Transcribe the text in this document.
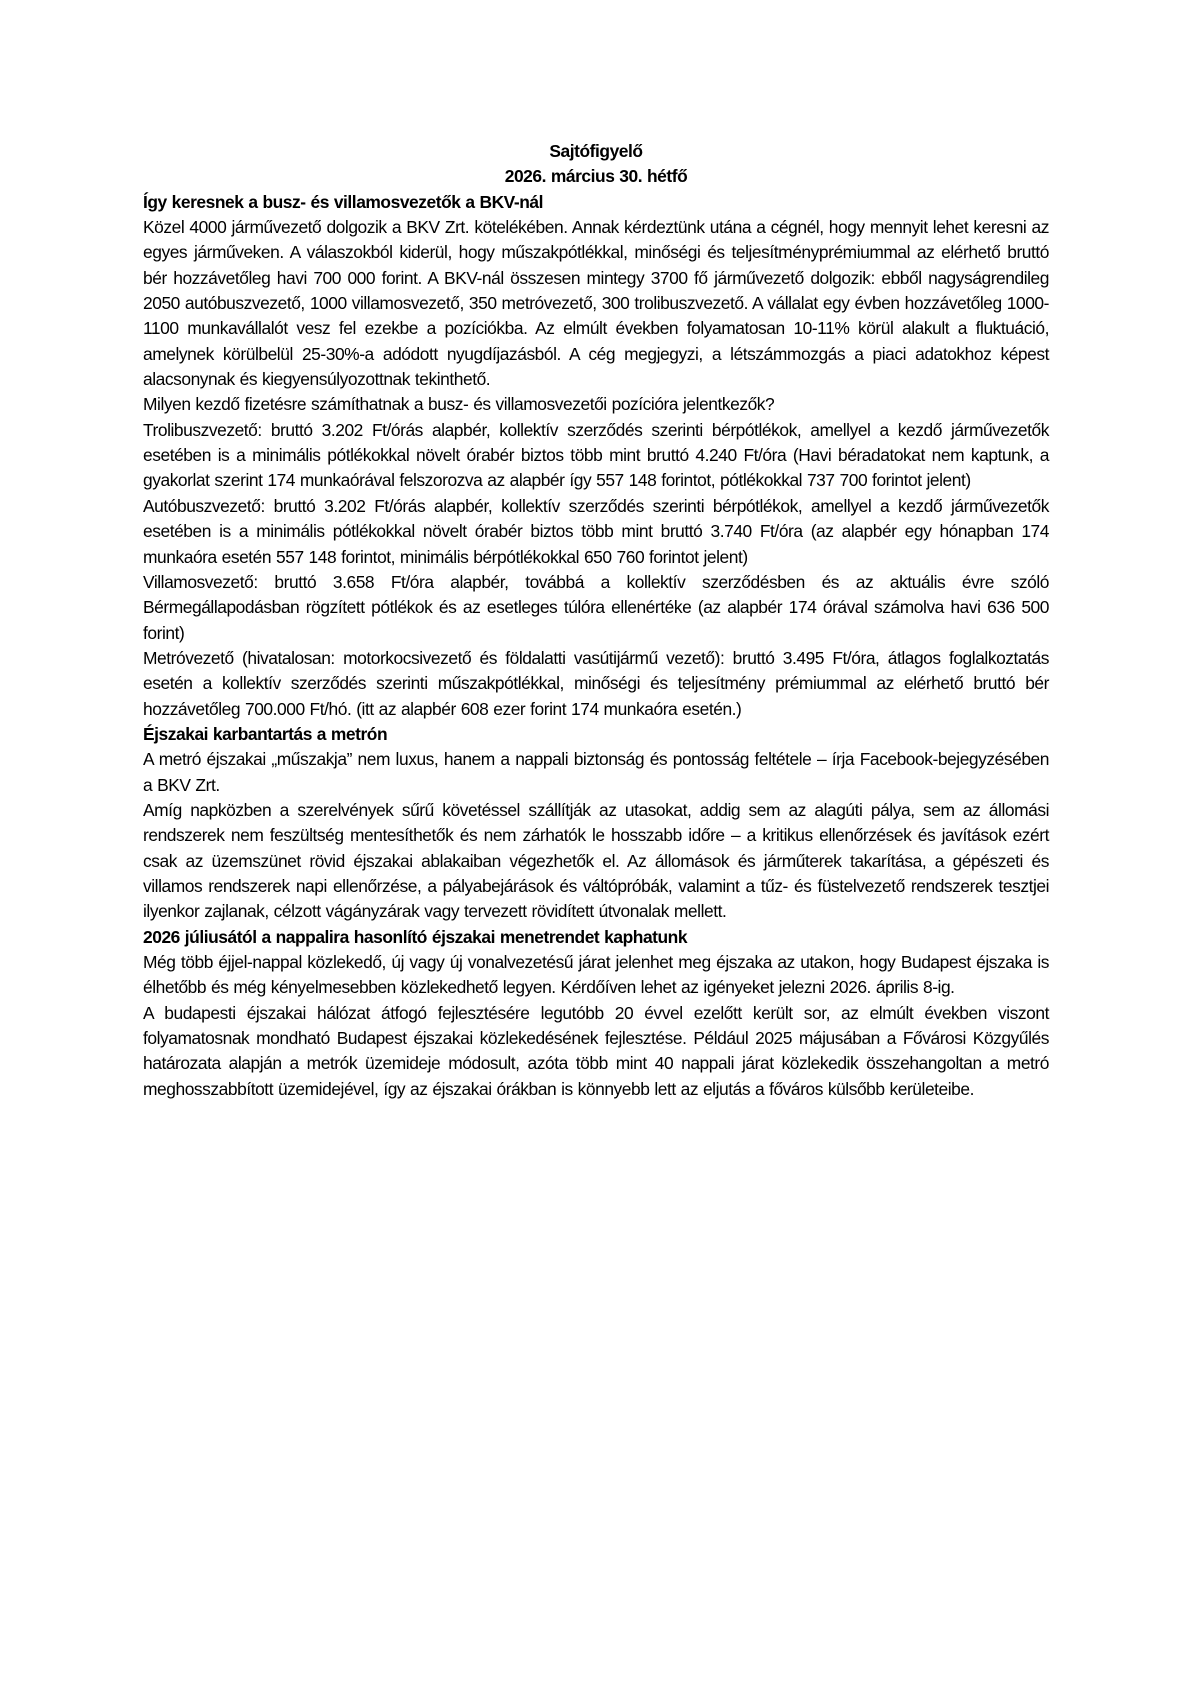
Sajtófigyelő

2026. március 30. hétfő

Így keresnek a busz- és villamosvezetők a BKV-nál

Közel 4000 járművezető dolgozik a BKV Zrt. kötelékében. Annak kérdeztünk utána a cégnél, hogy mennyit lehet keresni az egyes járműveken. A válaszokból kiderül, hogy műszakpótlékkal, minőségi és teljesítményprémiummal az elérhető bruttó bér hozzávetőleg havi 700 000 forint. A BKV-nál összesen mintegy 3700 fő járművezető dolgozik: ebből nagyságrendileg 2050 autóbuszvezető, 1000 villamosvezető, 350 metróvezető, 300 trolibuszvezető. A vállalat egy évben hozzávetőleg 1000-1100 munkavállalót vesz fel ezekbe a pozíciókba. Az elmúlt években folyamatosan 10-11% körül alakult a fluktuáció, amelynek körülbelül 25-30%-a adódott nyugdíjazásból. A cég megjegyzi, a létszámmozgás a piaci adatokhoz képest alacsonynak és kiegyensúlyozottnak tekinthető.

Milyen kezdő fizetésre számíthatnak a busz- és villamosvezetői pozícióra jelentkezők?

Trolibuszvezető: bruttó 3.202 Ft/órás alapbér, kollektív szerződés szerinti bérpótlékok, amellyel a kezdő járművezetők esetében is a minimális pótlékokkal növelt órabér biztos több mint bruttó 4.240 Ft/óra (Havi béradatokat nem kaptunk, a gyakorlat szerint 174 munkaórával felszorozva az alapbér így 557 148 forintot, pótlékokkal 737 700 forintot jelent)

Autóbuszvezető: bruttó 3.202 Ft/órás alapbér, kollektív szerződés szerinti bérpótlékok, amellyel a kezdő járművezetők esetében is a minimális pótlékokkal növelt órabér biztos több mint bruttó 3.740 Ft/óra (az alapbér egy hónapban 174 munkaóra esetén 557 148 forintot, minimális bérpótlékokkal 650 760 forintot jelent)

Villamosvezető: bruttó 3.658 Ft/óra alapbér, továbbá a kollektív szerződésben és az aktuális évre szóló Bérmegállapodásban rögzített pótlékok és az esetleges túlóra ellenértéke (az alapbér 174 órával számolva havi 636 500 forint)

Metróvezető (hivatalosan: motorkocsivezető és földalatti vasútijármű vezető): bruttó 3.495 Ft/óra, átlagos foglalkoztatás esetén a kollektív szerződés szerinti műszakpótlékkal, minőségi és teljesítmény prémiummal az elérhető bruttó bér hozzávetőleg 700.000 Ft/hó. (itt az alapbér 608 ezer forint 174 munkaóra esetén.)

Éjszakai karbantartás a metrón

A metró éjszakai „műszakja” nem luxus, hanem a nappali biztonság és pontosság feltétele – írja Facebook-bejegyzésében a BKV Zrt.

Amíg napközben a szerelvények sűrű követéssel szállítják az utasokat, addig sem az alagúti pálya, sem az állomási rendszerek nem feszültség mentesíthetők és nem zárhatók le hosszabb időre – a kritikus ellenőrzések és javítások ezért csak az üzemszünet rövid éjszakai ablakaiban végezhetők el. Az állomások és járműterek takarítása, a gépészeti és villamos rendszerek napi ellenőrzése, a pályabejárások és váltópróbák, valamint a tűz- és füstelvezető rendszerek tesztjei ilyenkor zajlanak, célzott vágányzárak vagy tervezett rövidített útvonalak mellett.

2026 júliusától a nappalira hasonlító éjszakai menetrendet kaphatunk

Még több éjjel-nappal közlekedő, új vagy új vonalvezetésű járat jelenhet meg éjszaka az utakon, hogy Budapest éjszaka is élhetőbb és még kényelmesebben közlekedhető legyen. Kérdőíven lehet az igényeket jelezni 2026. április 8-ig.

A budapesti éjszakai hálózat átfogó fejlesztésére legutóbb 20 évvel ezelőtt került sor, az elmúlt években viszont folyamatosnak mondható Budapest éjszakai közlekedésének fejlesztése. Például 2025 májusában a Fővárosi Közgyűlés határozata alapján a metrók üzemideje módosult, azóta több mint 40 nappali járat közlekedik összehangoltan a metró meghosszabbított üzemidejével, így az éjszakai órákban is könnyebb lett az eljutás a főváros külsőbb kerületeibe.
